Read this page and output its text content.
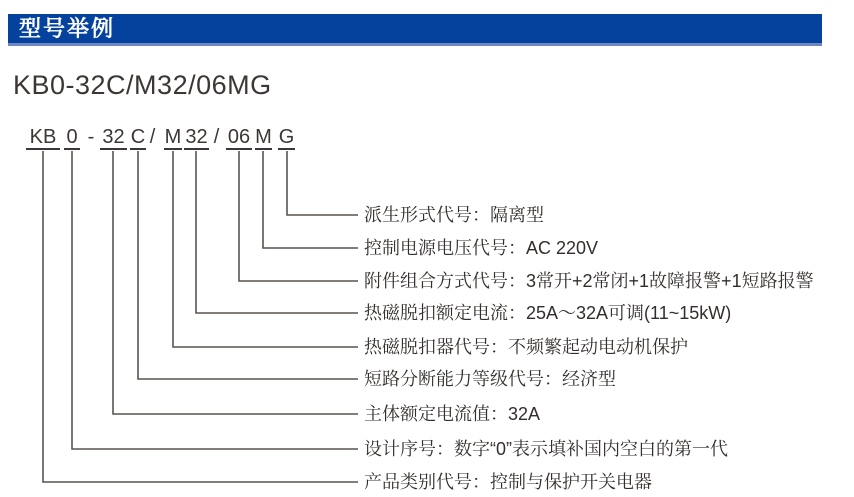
型号举例
KB0-32C/M32/06MG
KB 0 - 32 C / M 32 / 06 M G
派生形式代号：隔离型
控制电源电压代号：AC 220V
附件组合方式代号：3常开+2常闭+1故障报警+1短路报警
热磁脱扣额定电流：25A～32A可调(11~15kW)
热磁脱扣器代号：不频繁起动电动机保护
短路分断能力等级代号：经济型
主体额定电流值：32A
设计序号：数字“0”表示填补国内空白的第一代
产品类别代号：控制与保护开关电器
